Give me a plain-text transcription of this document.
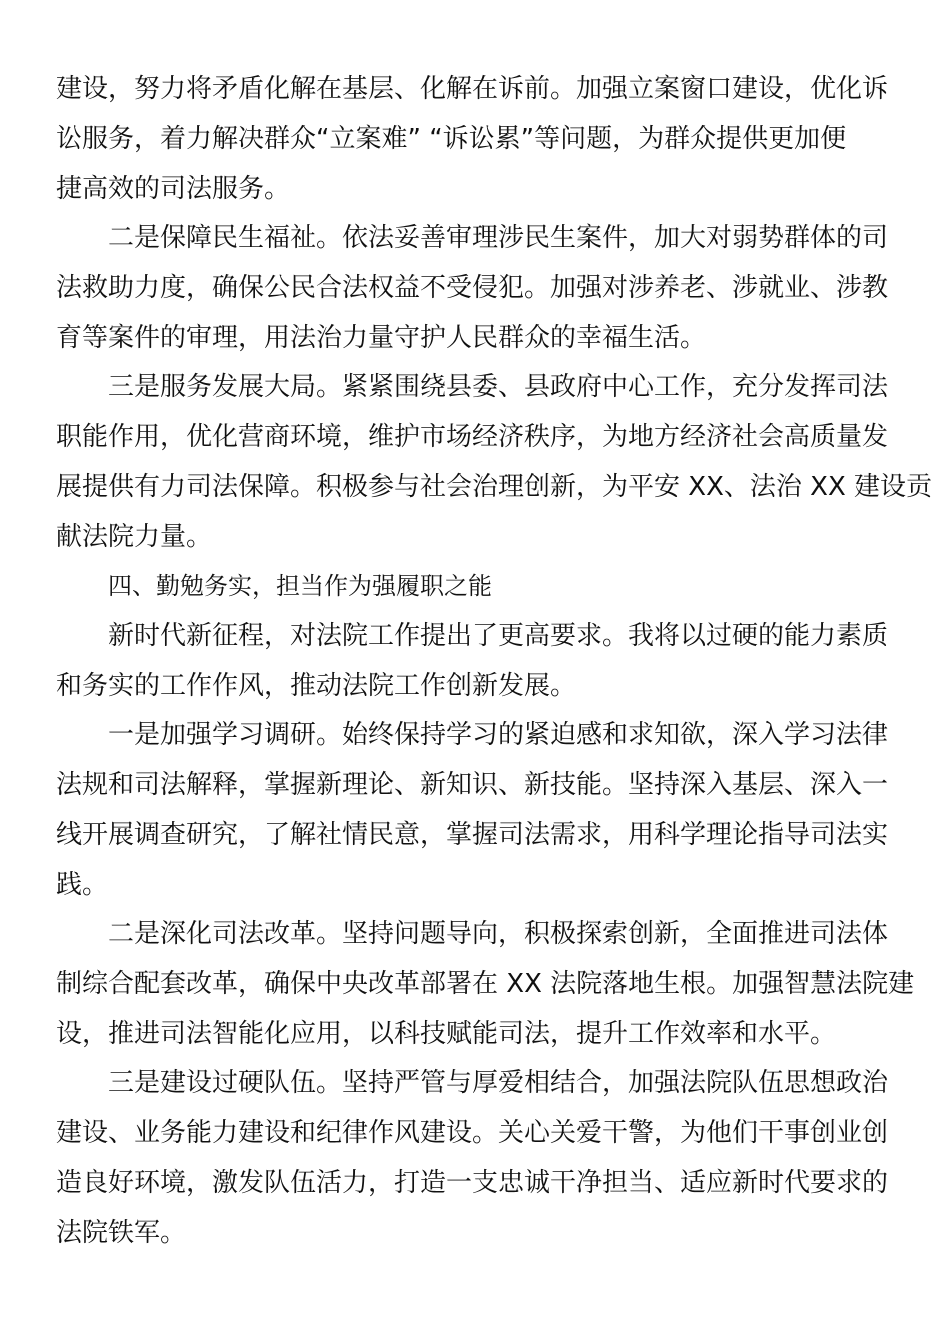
建设，努力将矛盾化解在基层、化解在诉前。加强立案窗口建设，优化诉
讼服务，着力解决群众“立案难” “诉讼累”等问题，为群众提供更加便
捷高效的司法服务。
二是保障民生福祉。依法妥善审理涉民生案件，加大对弱势群体的司
法救助力度，确保公民合法权益不受侵犯。加强对涉养老、涉就业、涉教
育等案件的审理，用法治力量守护人民群众的幸福生活。
三是服务发展大局。紧紧围绕县委、县政府中心工作，充分发挥司法
职能作用，优化营商环境，维护市场经济秩序，为地方经济社会高质量发
展提供有力司法保障。积极参与社会治理创新，为平安 XX、法治 XX 建设贡
献法院力量。
四、勤勉务实，担当作为强履职之能
新时代新征程，对法院工作提出了更高要求。我将以过硬的能力素质
和务实的工作作风，推动法院工作创新发展。
一是加强学习调研。始终保持学习的紧迫感和求知欲，深入学习法律
法规和司法解释，掌握新理论、新知识、新技能。坚持深入基层、深入一
线开展调查研究，了解社情民意，掌握司法需求，用科学理论指导司法实
践。
二是深化司法改革。坚持问题导向，积极探索创新，全面推进司法体
制综合配套改革，确保中央改革部署在 XX 法院落地生根。加强智慧法院建
设，推进司法智能化应用，以科技赋能司法，提升工作效率和水平。
三是建设过硬队伍。坚持严管与厚爱相结合，加强法院队伍思想政治
建设、业务能力建设和纪律作风建设。关心关爱干警，为他们干事创业创
造良好环境，激发队伍活力，打造一支忠诚干净担当、适应新时代要求的
法院铁军。
